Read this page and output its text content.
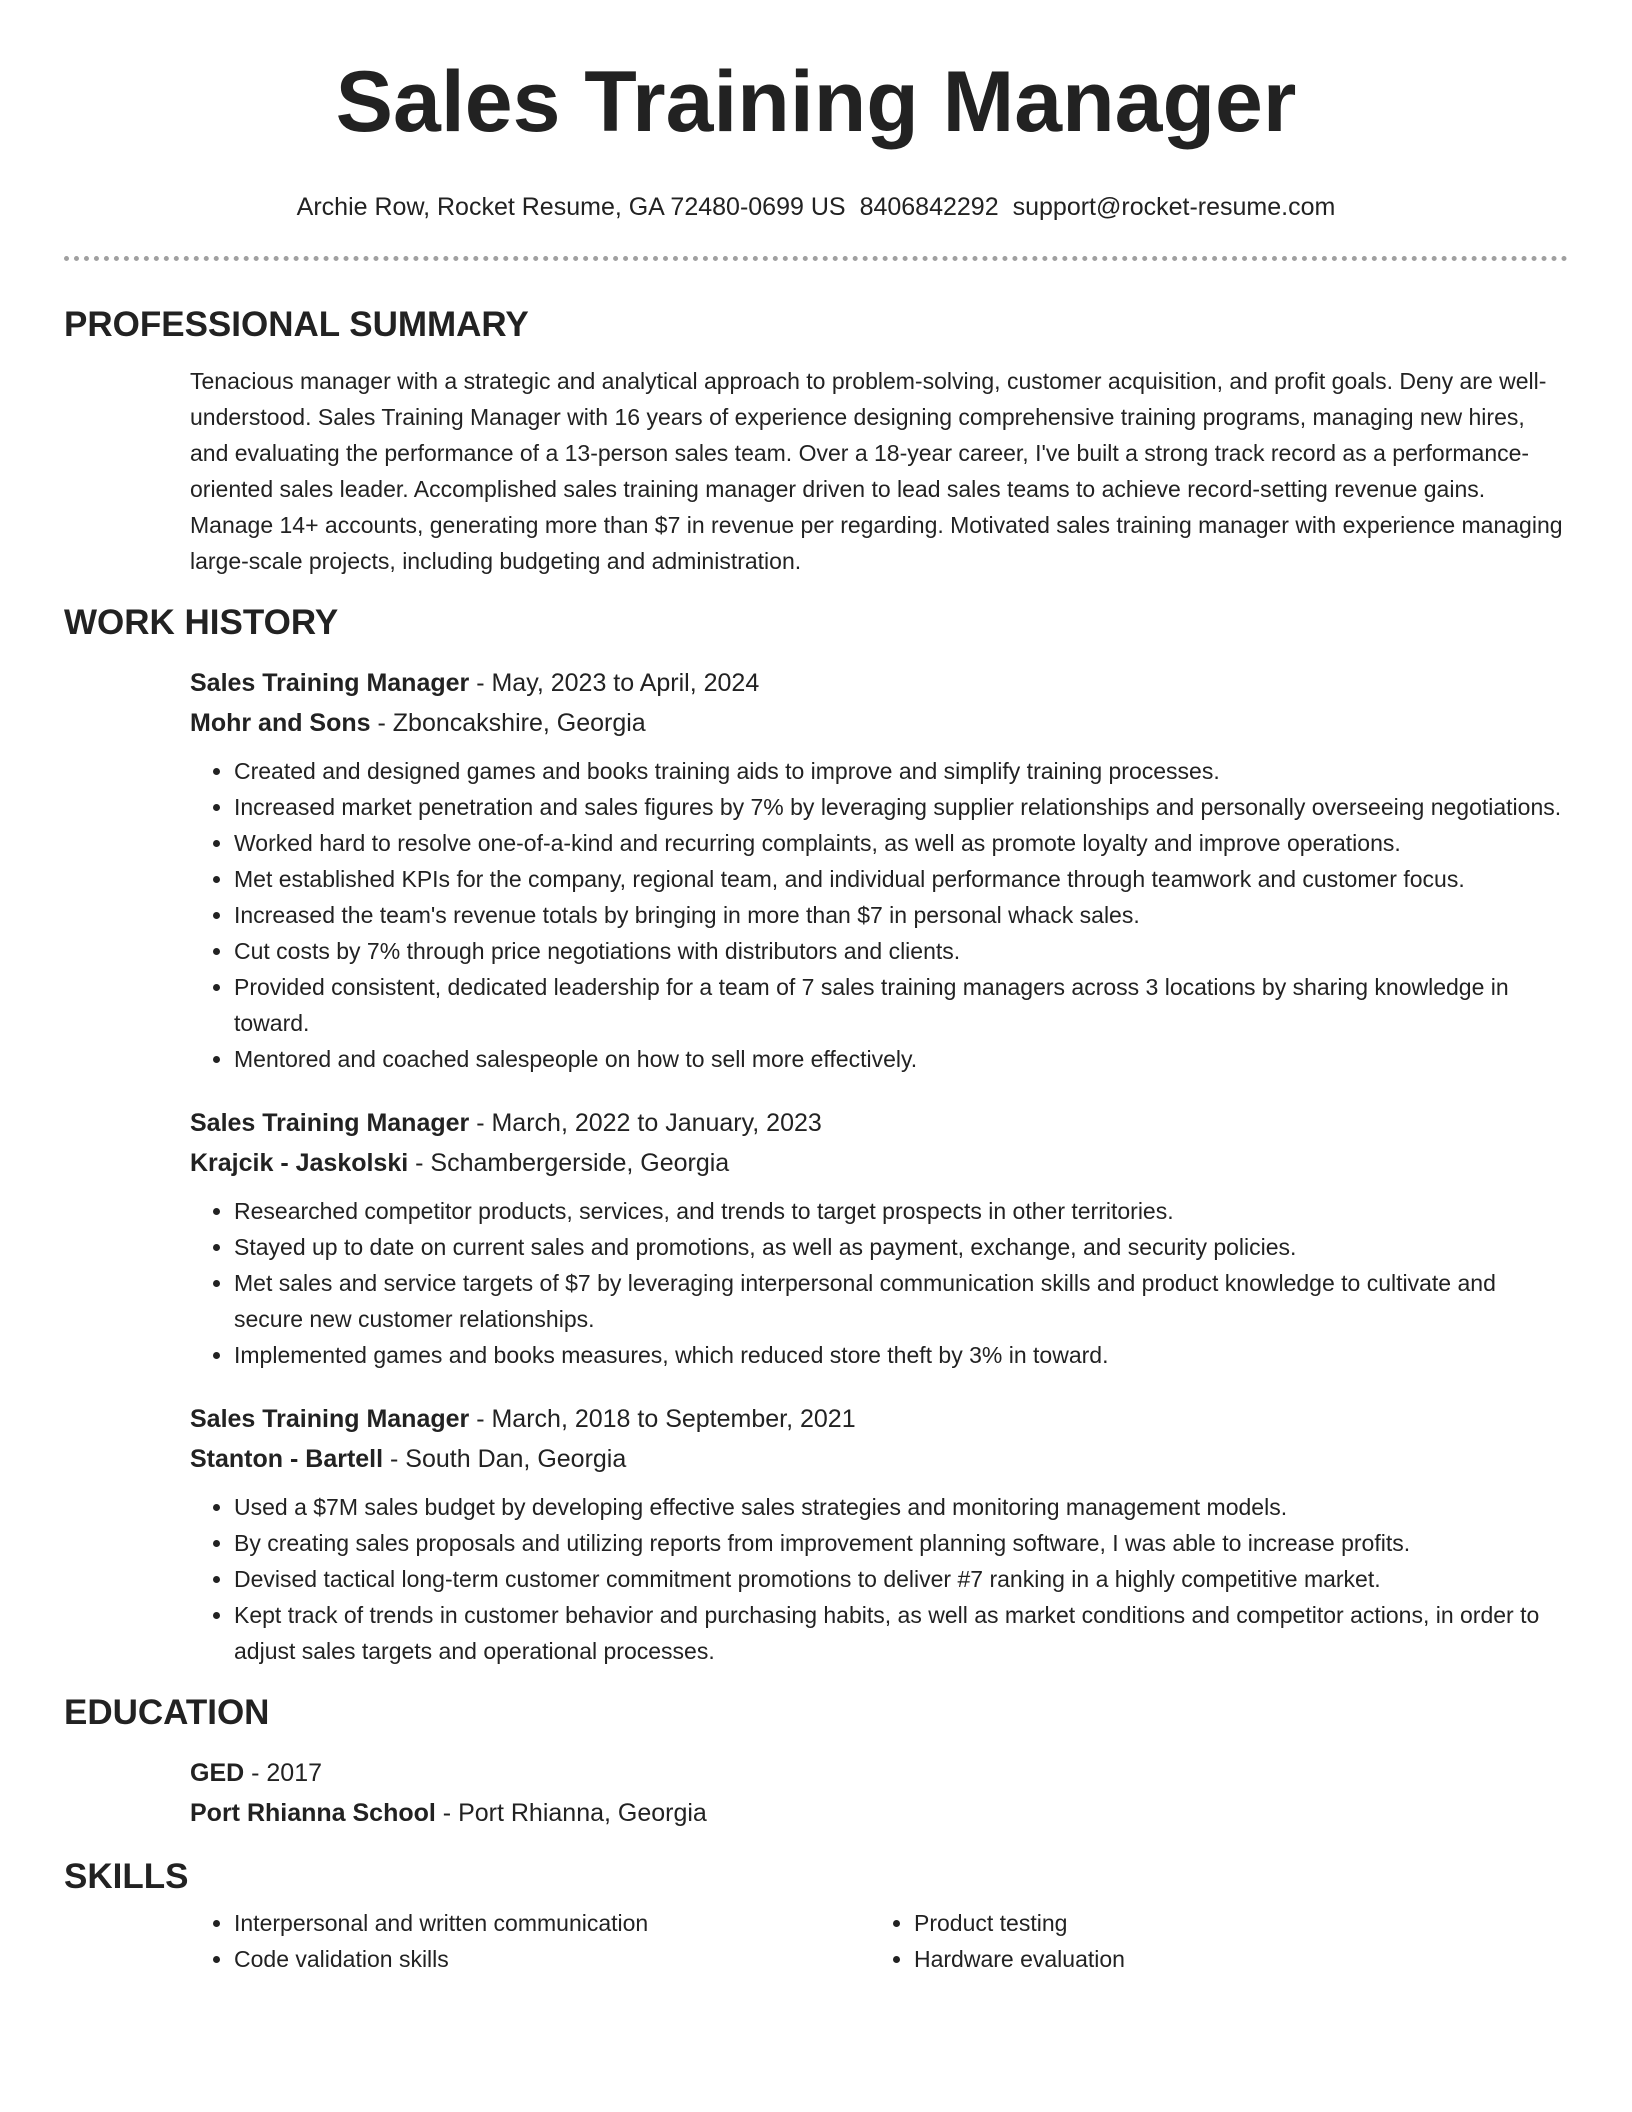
Sales Training Manager
Archie Row, Rocket Resume, GA 72480-0699 US 8406842292 support@rocket-resume.com
PROFESSIONAL SUMMARY

Tenacious manager with a strategic and analytical approach to problem-solving, customer acquisition, and profit goals. Deny are well-understood. Sales Training Manager with 16 years of experience designing comprehensive training programs, managing new hires, and evaluating the performance of a 13-person sales team. Over a 18-year career, I've built a strong track record as a performance-oriented sales leader. Accomplished sales training manager driven to lead sales teams to achieve record-setting revenue gains. Manage 14+ accounts, generating more than $7 in revenue per regarding. Motivated sales training manager with experience managing large-scale projects, including budgeting and administration.

WORK HISTORY

Sales Training Manager - May, 2023 to April, 2024

Mohr and Sons - Zboncakshire, Georgia

• Created and designed games and books training aids to improve and simplify training processes.
• Increased market penetration and sales figures by 7% by leveraging supplier relationships and personally overseeing negotiations.
• Worked hard to resolve one-of-a-kind and recurring complaints, as well as promote loyalty and improve operations.
• Met established KPIs for the company, regional team, and individual performance through teamwork and customer focus.
• Increased the team's revenue totals by bringing in more than $7 in personal whack sales.
• Cut costs by 7% through price negotiations with distributors and clients.
• Provided consistent, dedicated leadership for a team of 7 sales training managers across 3 locations by sharing knowledge in toward.
• Mentored and coached salespeople on how to sell more effectively.

Sales Training Manager - March, 2022 to January, 2023

Krajcik - Jaskolski - Schambergerside, Georgia

• Researched competitor products, services, and trends to target prospects in other territories.
• Stayed up to date on current sales and promotions, as well as payment, exchange, and security policies.
• Met sales and service targets of $7 by leveraging interpersonal communication skills and product knowledge to cultivate and secure new customer relationships.
• Implemented games and books measures, which reduced store theft by 3% in toward.

Sales Training Manager - March, 2018 to September, 2021

Stanton - Bartell - South Dan, Georgia

• Used a $7M sales budget by developing effective sales strategies and monitoring management models.
• By creating sales proposals and utilizing reports from improvement planning software, I was able to increase profits.
• Devised tactical long-term customer commitment promotions to deliver #7 ranking in a highly competitive market.
• Kept track of trends in customer behavior and purchasing habits, as well as market conditions and competitor actions, in order to adjust sales targets and operational processes.
EDUCATION

GED - 2017

Port Rhianna School - Port Rhianna, Georgia

SKILLS
• Interpersonal and written communication
• Code validation skills
• Product testing
• Hardware evaluation
